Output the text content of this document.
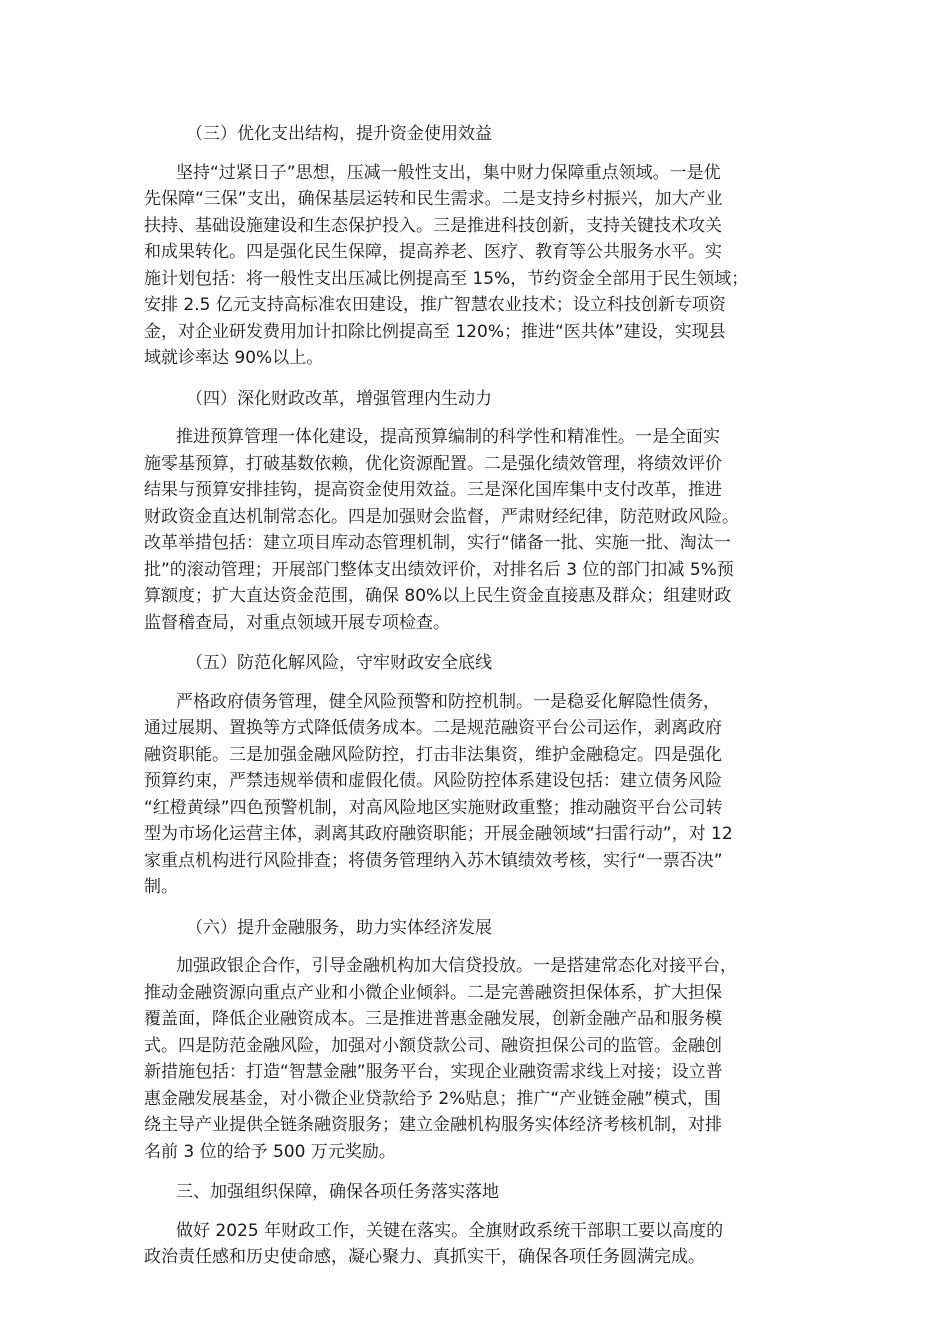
（三）优化支出结构，提升资金使用效益
坚持“过紧日子”思想，压减一般性支出，集中财力保障重点领域。一是优
先保障“三保”支出，确保基层运转和民生需求。二是支持乡村振兴，加大产业
扶持、基础设施建设和生态保护投入。三是推进科技创新，支持关键技术攻关
和成果转化。四是强化民生保障，提高养老、医疗、教育等公共服务水平。实
施计划包括：将一般性支出压减比例提高至 15%，节约资金全部用于民生领域；
安排 2.5 亿元支持高标准农田建设，推广智慧农业技术；设立科技创新专项资
金，对企业研发费用加计扣除比例提高至 120%；推进“医共体”建设，实现县
域就诊率达 90%以上。
（四）深化财政改革，增强管理内生动力
推进预算管理一体化建设，提高预算编制的科学性和精准性。一是全面实
施零基预算，打破基数依赖，优化资源配置。二是强化绩效管理，将绩效评价
结果与预算安排挂钩，提高资金使用效益。三是深化国库集中支付改革，推进
财政资金直达机制常态化。四是加强财会监督，严肃财经纪律，防范财政风险。
改革举措包括：建立项目库动态管理机制，实行“储备一批、实施一批、淘汰一
批”的滚动管理；开展部门整体支出绩效评价，对排名后 3 位的部门扣减 5%预
算额度；扩大直达资金范围，确保 80%以上民生资金直接惠及群众；组建财政
监督稽查局，对重点领域开展专项检查。
（五）防范化解风险，守牢财政安全底线
严格政府债务管理，健全风险预警和防控机制。一是稳妥化解隐性债务，
通过展期、置换等方式降低债务成本。二是规范融资平台公司运作，剥离政府
融资职能。三是加强金融风险防控，打击非法集资，维护金融稳定。四是强化
预算约束，严禁违规举债和虚假化债。风险防控体系建设包括：建立债务风险
“红橙黄绿”四色预警机制，对高风险地区实施财政重整；推动融资平台公司转
型为市场化运营主体，剥离其政府融资职能；开展金融领域“扫雷行动”，对 12
家重点机构进行风险排查；将债务管理纳入苏木镇绩效考核，实行“一票否决”
制。
（六）提升金融服务，助力实体经济发展
加强政银企合作，引导金融机构加大信贷投放。一是搭建常态化对接平台，
推动金融资源向重点产业和小微企业倾斜。二是完善融资担保体系，扩大担保
覆盖面，降低企业融资成本。三是推进普惠金融发展，创新金融产品和服务模
式。四是防范金融风险，加强对小额贷款公司、融资担保公司的监管。金融创
新措施包括：打造“智慧金融”服务平台，实现企业融资需求线上对接；设立普
惠金融发展基金，对小微企业贷款给予 2%贴息；推广“产业链金融”模式，围
绕主导产业提供全链条融资服务；建立金融机构服务实体经济考核机制，对排
名前 3 位的给予 500 万元奖励。
三、加强组织保障，确保各项任务落实落地
做好 2025 年财政工作，关键在落实。全旗财政系统干部职工要以高度的
政治责任感和历史使命感，凝心聚力、真抓实干，确保各项任务圆满完成。
